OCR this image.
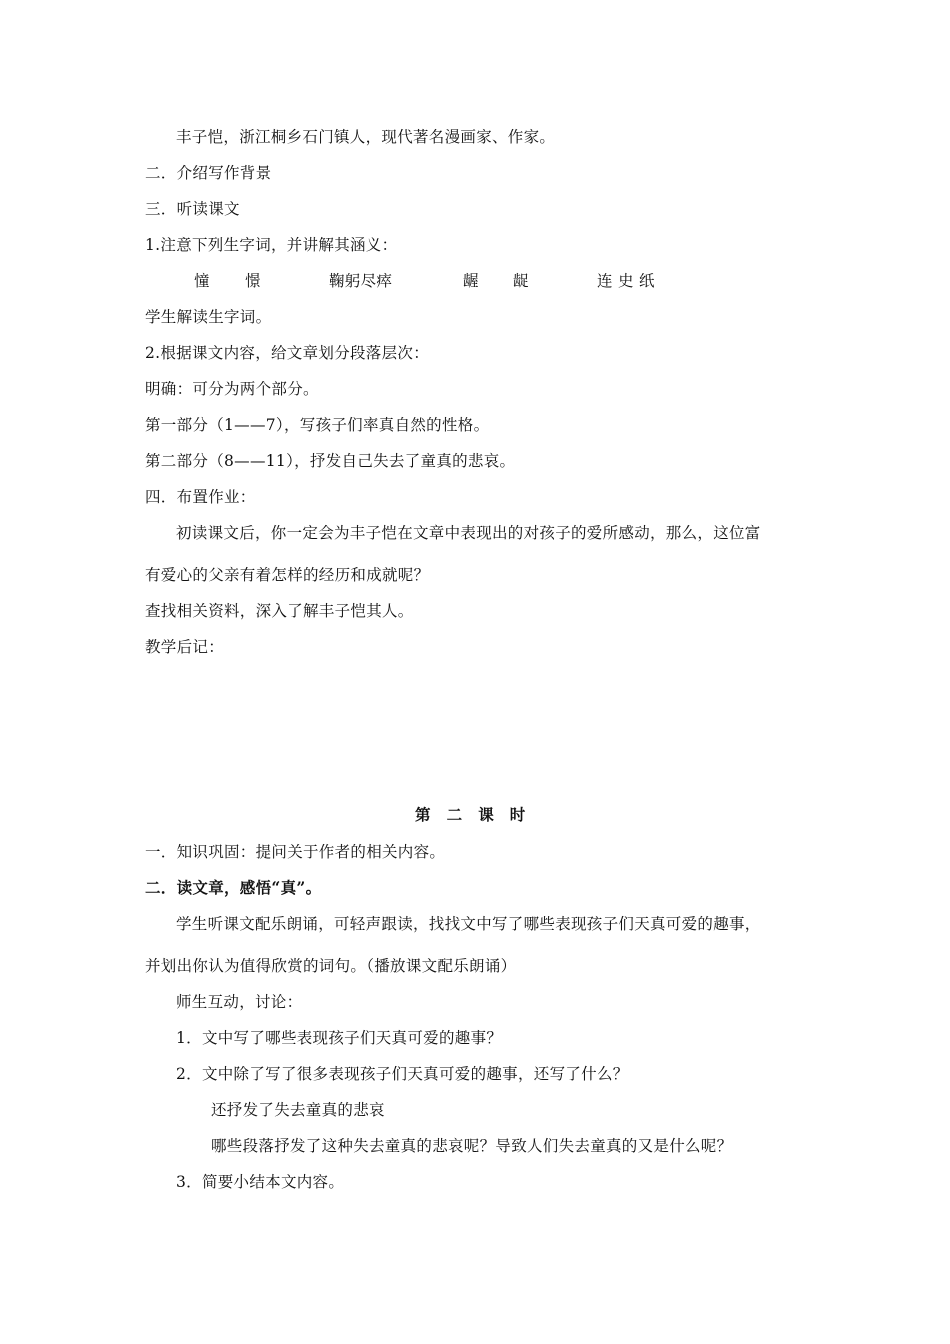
丰子恺，浙江桐乡石门镇人，现代著名漫画家、作家。
二．介绍写作背景
三．听读课文
1.注意下列生字词，并讲解其涵义：
憧 憬	鞠躬尽瘁	龌 龊	连 史 纸
学生解读生字词。
2.根据课文内容，给文章划分段落层次：
明确：可分为两个部分。
第一部分（1——7），写孩子们率真自然的性格。
第二部分（8——11），抒发自己失去了童真的悲哀。
四．布置作业：
初读课文后，你一定会为丰子恺在文章中表现出的对孩子的爱所感动，那么，这位富
有爱心的父亲有着怎样的经历和成就呢？
查找相关资料，深入了解丰子恺其人。
教学后记：
第　二　课　时
一．知识巩固：提问关于作者的相关内容。
二．读文章，感悟“真”。
学生听课文配乐朗诵，可轻声跟读，找找文中写了哪些表现孩子们天真可爱的趣事，
并划出你认为值得欣赏的词句。（播放课文配乐朗诵）
师生互动，讨论：
1．文中写了哪些表现孩子们天真可爱的趣事？
2．文中除了写了很多表现孩子们天真可爱的趣事，还写了什么？
还抒发了失去童真的悲哀
哪些段落抒发了这种失去童真的悲哀呢？导致人们失去童真的又是什么呢？
3．简要小结本文内容。
